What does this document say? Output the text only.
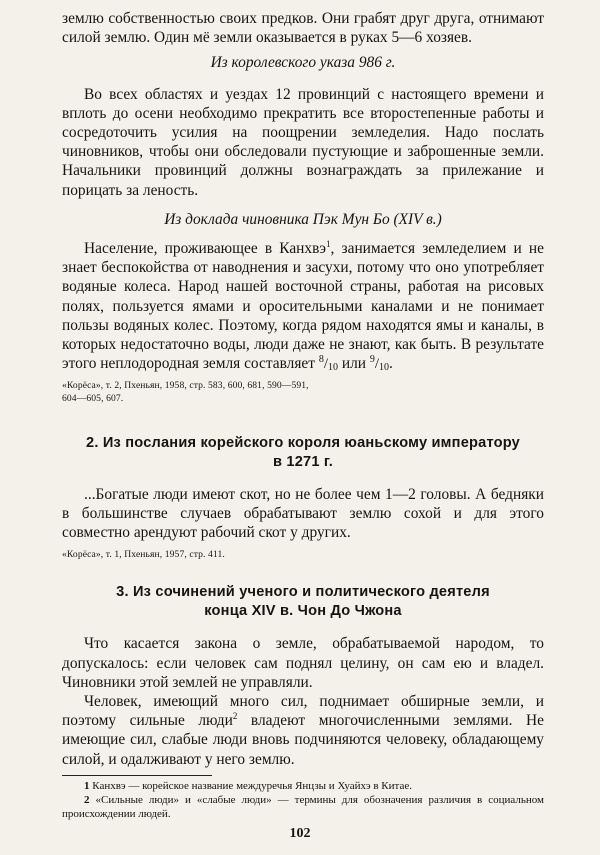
землю собственностью своих предков. Они грабят друг друга, отнимают силой землю. Один мё земли оказывается в руках 5—6 хозяев.

Из королевского указа 986 г.

Во всех областях и уездах 12 провинций с настоящего времени и вплоть до осени необходимо прекратить все второстепенные работы и сосредоточить усилия на поощрении земледелия. Надо послать чиновников, чтобы они обследовали пустующие и заброшенные земли. Начальники провинций должны вознаграждать за прилежание и порицать за леность.

Из доклада чиновника Пэк Мун Бо (XIV в.)

Население, проживающее в Канхвэ$^1$, занимается земледелием и не знает беспокойства от наводнения и засухи, потому что оно употребляет водяные колеса. Народ нашей восточной страны, работая на рисовых полях, пользуется ямами и оросительными каналами и не понимает пользы водяных колес. Поэтому, когда рядом находятся ямы и каналы, в которых недостаточно воды, люди даже не знают, как быть. В результате этого неплодородная земля составляет $^8/_{10}$ или $^9/_{10}$.

«Корёса», т. 2, Пхеньян, 1958, стр. 583, 600, 681, 590—591, 604—605, 607.

2. Из послания корейского короля юаньскому императору
в 1271 г.

...Богатые люди имеют скот, но не более чем 1—2 головы. А бедняки в большинстве случаев обрабатывают землю сохой и для этого совместно арендуют рабочий скот у других.

«Корёса», т. 1, Пхеньян, 1957, стр. 411.

3. Из сочинений ученого и политического деятеля
конца XIV в. Чон До Чжона

Что касается закона о земле, обрабатываемой народом, то допускалось: если человек сам поднял целину, он сам ею и владел. Чиновники этой землей не управляли.

Человек, имеющий много сил, поднимает обширные земли, и поэтому сильные люди$^2$ владеют многочисленными землями. Не имеющие сил, слабые люди вновь подчиняются человеку, обладающему силой, и одалживают у него землю.

1 Канхвэ — корейское название междуречья Янцзы и Хуайхэ в Китае.

2 «Сильные люди» и «слабые люди» — термины для обозначения различия в социальном происхождении людей.

102
